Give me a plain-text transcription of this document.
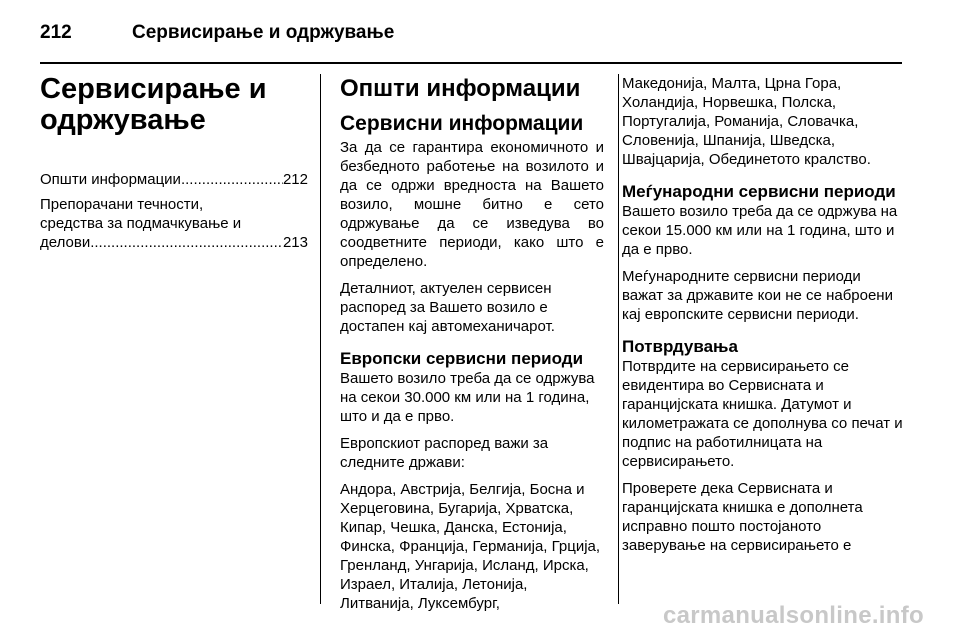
212	Сервисирање и одржување
Сервисирање и одржување
Општи информации .....	212
Препорачани течности,
средства за подмачкување и
делови .....	213
Општи информации
Сервисни информации

За да се гарантира економичното и безбедното работење на возилото и да се одржи вредноста на Вашето возило, мошне битно е сето одржување да се изведува во соодветните периоди, како што е определено.

Деталниот, актуелен сервисен распоред за Вашето возило е достапен кај автомеханичарот.

Европски сервисни периоди

Вашето возило треба да се одржува на секои 30.000 км или на 1 година, што и да е прво.

Европскиот распоред важи за следните држави:

Андора, Австрија, Белгија, Босна и Херцеговина, Бугарија, Хрватска, Кипар, Чешка, Данска, Естонија, Финска, Франција, Германија, Грција, Гренланд, Унгарија, Исланд, Ирска, Израел, Италија, Летонија, Литванија, Луксембург,

Македонија, Малта, Црна Гора, Холандија, Норвешка, Полска, Португалија, Романија, Словачка, Словенија, Шпанија, Шведска, Швајцарија, Обединетото кралство.

Меѓународни сервисни периоди

Вашето возило треба да се одржува на секои 15.000 км или на 1 година, што и да е прво.

Меѓународните сервисни периоди важат за државите кои не се наброени кај европските сервисни периоди.

Потврдувања

Потврдите на сервисирањето се евидентира во Сервисната и гаранцијската книшка. Датумот и километражата се дополнува со печат и подпис на работилницата на сервисирањето.

Проверете дека Сервисната и гаранцијската книшка е дополнета исправно пошто постојаното заверување на сервисирањето е

carmanualsonline.info
